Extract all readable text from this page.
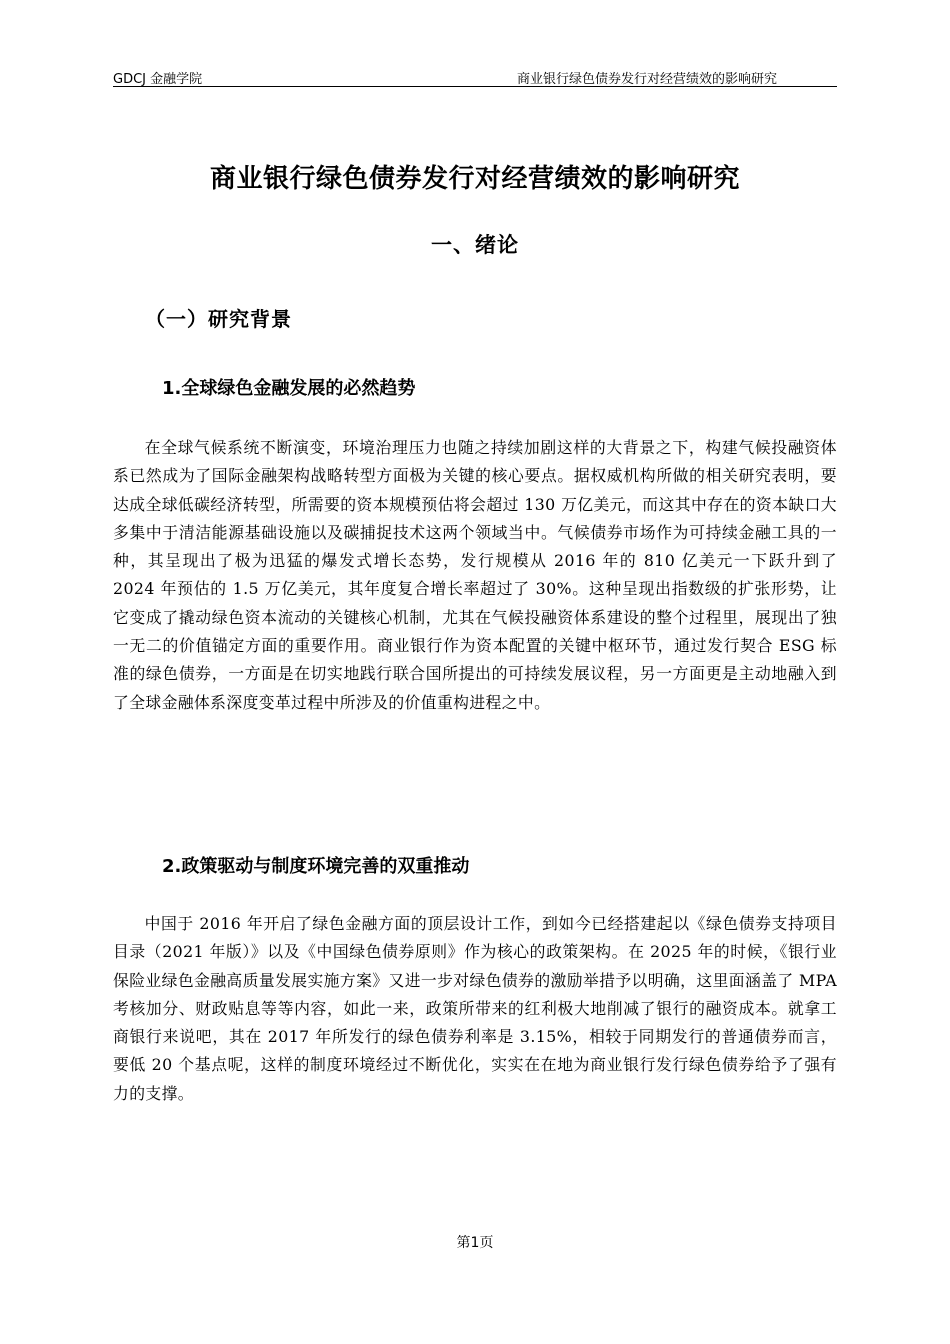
GDCJ 金融学院	商业银行绿色债券发行对经营绩效的影响研究
商业银行绿色债券发行对经营绩效的影响研究
一、绪论
（一）研究背景
1.全球绿色金融发展的必然趋势

在全球气候系统不断演变，环境治理压力也随之持续加剧这样的大背景之下，构建气候投融资体系已然成为了国际金融架构战略转型方面极为关键的核心要点。据权威机构所做的相关研究表明，要达成全球低碳经济转型，所需要的资本规模预估将会超过 130 万亿美元，而这其中存在的资本缺口大多集中于清洁能源基础设施以及碳捕捉技术这两个领域当中。气候债券市场作为可持续金融工具的一种，其呈现出了极为迅猛的爆发式增长态势，发行规模从 2016 年的 810 亿美元一下跃升到了 2024 年预估的 1.5 万亿美元，其年度复合增长率超过了 30%。这种呈现出指数级的扩张形势，让它变成了撬动绿色资本流动的关键核心机制，尤其在气候投融资体系建设的整个过程里，展现出了独一无二的价值锚定方面的重要作用。商业银行作为资本配置的关键中枢环节，通过发行契合 ESG 标准的绿色债券，一方面是在切实地践行联合国所提出的可持续发展议程，另一方面更是主动地融入到了全球金融体系深度变革过程中所涉及的价值重构进程之中。

2.政策驱动与制度环境完善的双重推动

中国于 2016 年开启了绿色金融方面的顶层设计工作，到如今已经搭建起以《绿色债券支持项目目录（2021 年版）》以及《中国绿色债券原则》作为核心的政策架构。在 2025 年的时候，《银行业保险业绿色金融高质量发展实施方案》又进一步对绿色债券的激励举措予以明确，这里面涵盖了 MPA 考核加分、财政贴息等等内容，如此一来，政策所带来的红利极大地削减了银行的融资成本。就拿工商银行来说吧，其在 2017 年所发行的绿色债券利率是 3.15%，相较于同期发行的普通债券而言，要低 20 个基点呢，这样的制度环境经过不断优化，实实在在地为商业银行发行绿色债券给予了强有力的支撑。

第1页
